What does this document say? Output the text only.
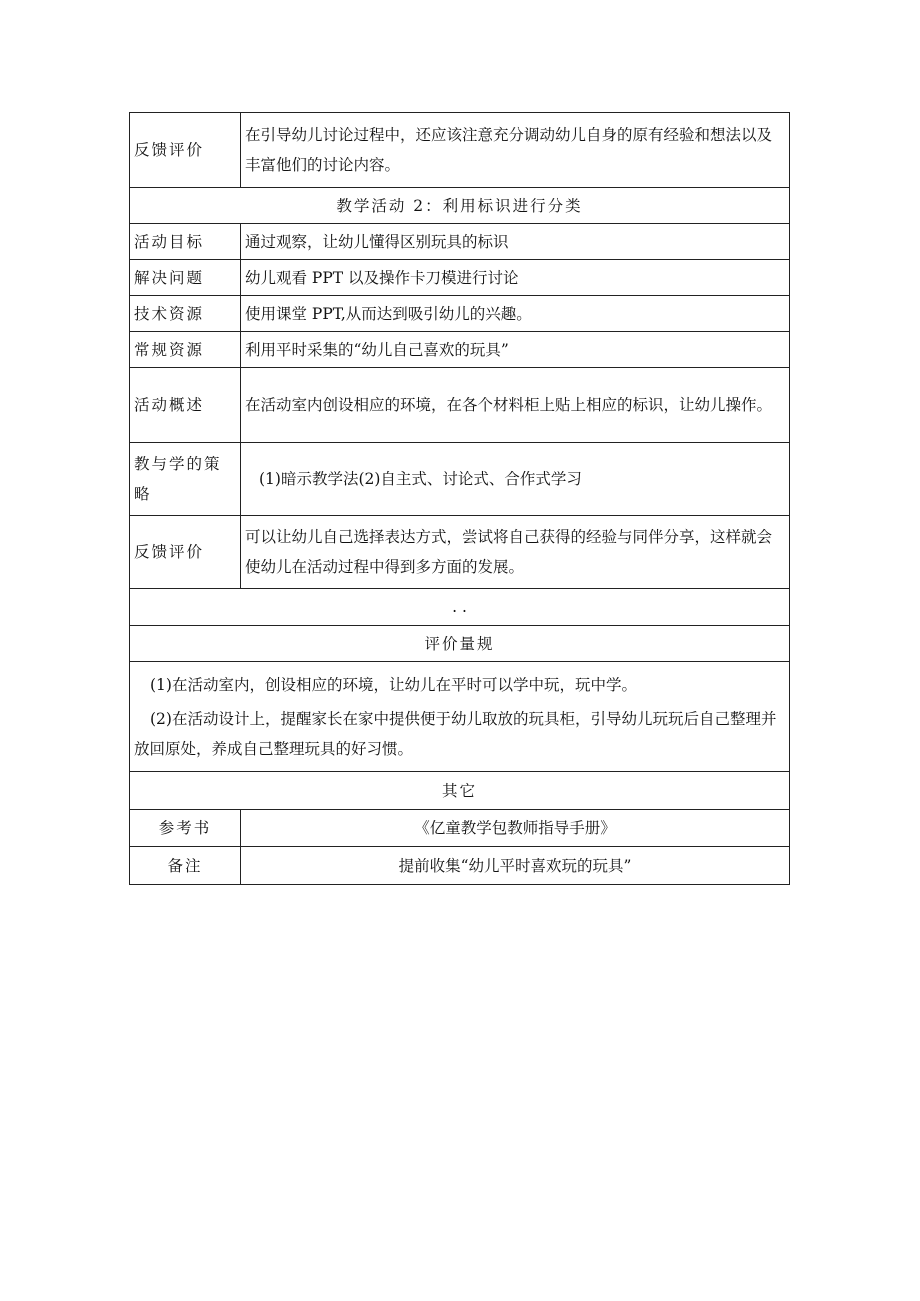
反馈评价	在引导幼儿讨论过程中，还应该注意充分调动幼儿自身的原有经验和想法以及丰富他们的讨论内容。
教学活动 2：利用标识进行分类	
活动目标	通过观察，让幼儿懂得区别玩具的标识
解决问题	幼儿观看 PPT 以及操作卡刀模进行讨论
技术资源	使用课堂 PPT,从而达到吸引幼儿的兴趣。
常规资源	利用平时采集的“幼儿自己喜欢的玩具”
活动概述	在活动室内创设相应的环境，在各个材料柜上贴上相应的标识，让幼儿操作。
教与学的策略	(1)暗示教学法(2)自主式、讨论式、合作式学习
反馈评价	可以让幼儿自己选择表达方式，尝试将自己获得的经验与同伴分享，这样就会使幼儿在活动过程中得到多方面的发展。
. .	
评价量规	

(1)在活动室内，创设相应的环境，让幼儿在平时可以学中玩，玩中学。
(2)在活动设计上，提醒家长在家中提供便于幼儿取放的玩具柜，引导幼儿玩玩后自己整理并放回原处，养成自己整理玩具的好习惯。	

其它	
参考书	《亿童教学包教师指导手册》
备注	提前收集“幼儿平时喜欢玩的玩具”
